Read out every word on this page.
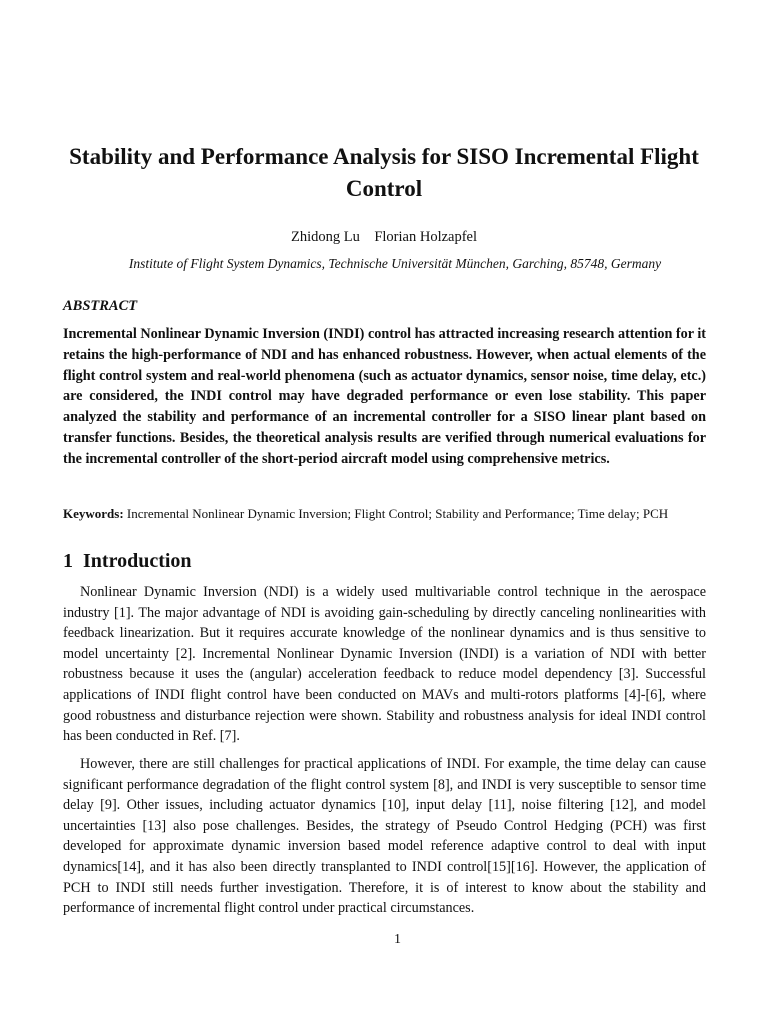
Stability and Performance Analysis for SISO Incremental Flight Control
Zhidong Lu    Florian Holzapfel
Institute of Flight System Dynamics, Technische Universität München, Garching, 85748, Germany
ABSTRACT

Incremental Nonlinear Dynamic Inversion (INDI) control has attracted increasing research attention for it retains the high-performance of NDI and has enhanced robustness. However, when actual elements of the flight control system and real-world phenomena (such as actuator dynamics, sensor noise, time delay, etc.) are considered, the INDI control may have degraded performance or even lose stability. This paper analyzed the stability and performance of an incremental controller for a SISO linear plant based on transfer functions. Besides, the theoretical analysis results are verified through numerical evaluations for the incremental controller of the short-period aircraft model using comprehensive metrics.

Keywords: Incremental Nonlinear Dynamic Inversion; Flight Control; Stability and Performance; Time delay; PCH
1  Introduction

Nonlinear Dynamic Inversion (NDI) is a widely used multivariable control technique in the aerospace industry [1]. The major advantage of NDI is avoiding gain-scheduling by directly canceling nonlinearities with feedback linearization. But it requires accurate knowledge of the nonlinear dynamics and is thus sensitive to model uncertainty [2]. Incremental Nonlinear Dynamic Inversion (INDI) is a variation of NDI with better robustness because it uses the (angular) acceleration feedback to reduce model dependency [3]. Successful applications of INDI flight control have been conducted on MAVs and multi-rotors platforms [4]-[6], where good robustness and disturbance rejection were shown. Stability and robustness analysis for ideal INDI control has been conducted in Ref. [7].

However, there are still challenges for practical applications of INDI. For example, the time delay can cause significant performance degradation of the flight control system [8], and INDI is very susceptible to sensor time delay [9]. Other issues, including actuator dynamics [10], input delay [11], noise filtering [12], and model uncertainties [13] also pose challenges. Besides, the strategy of Pseudo Control Hedging (PCH) was first developed for approximate dynamic inversion based model reference adaptive control to deal with input dynamics[14], and it has also been directly transplanted to INDI control[15][16]. However, the application of PCH to INDI still needs further investigation. Therefore, it is of interest to know about the stability and performance of incremental flight control under practical circumstances.

1
